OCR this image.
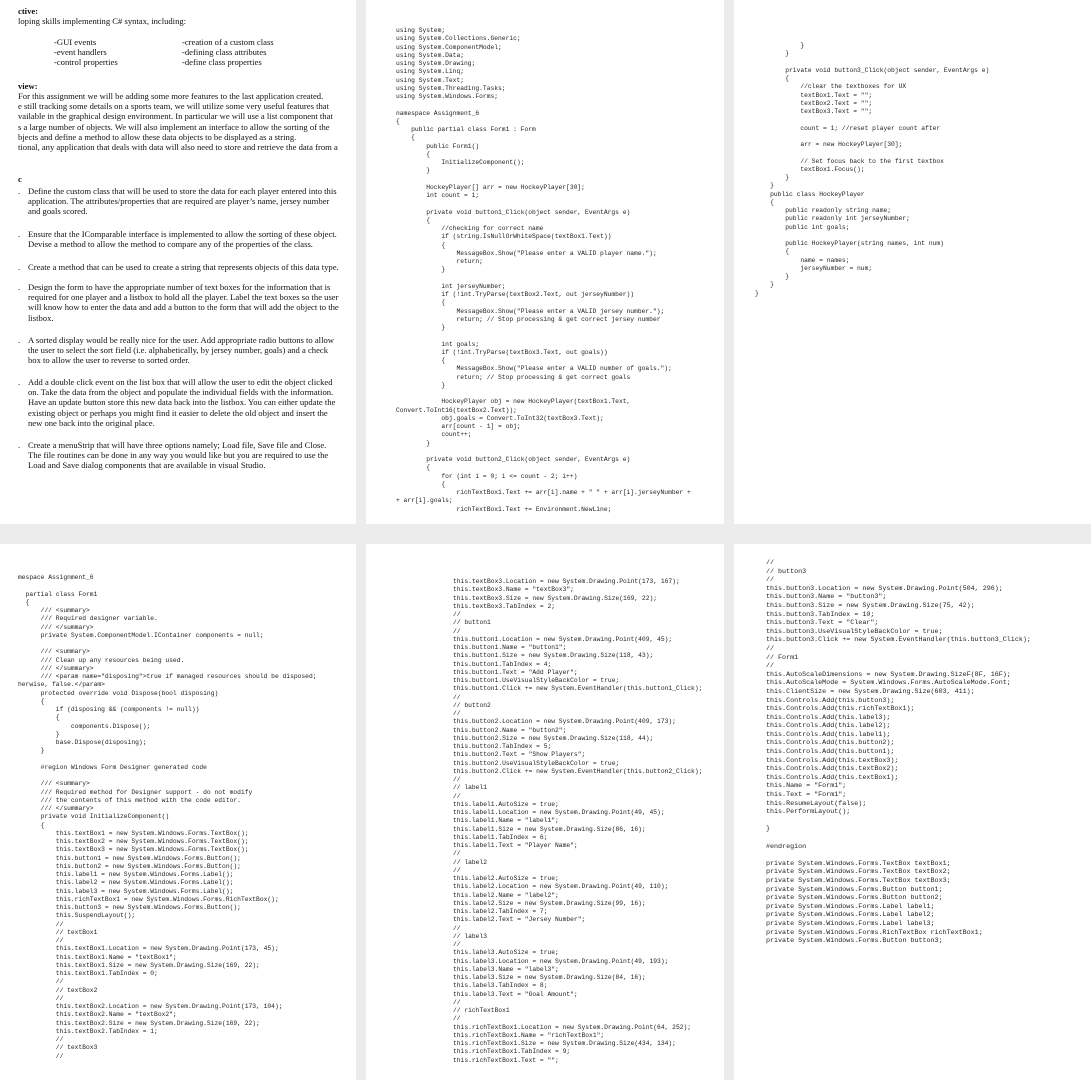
ctive:
loping skills implementing C# syntax, including:
-GUI events
-event handlers
-control properties
-creation of a custom class
-defining class attributes
-define class properties
view:
For this assignment we will be adding some more features to the last application created.
e still tracking some details on a sports team, we will utilize some very useful features that
vailable in the graphical design environment. In particular we will use a list component that
s a large number of objects. We will also implement an interface to allow the sorting of the
bjects and define a method to allow these data objects to be displayed as a string.
tional, any application that deals with data will also need to store and retrieve the data from a
c
. Define the custom class that will be used to store the data for each player entered into this
application. The attributes/properties that are required are player’s name, jersey number
and goals scored.
. Ensure that the IComparable interface is implemented to allow the sorting of these object.
Devise a method to allow the method to compare any of the properties of the class.
. Create a method that can be used to create a string that represents objects of this data type.
. Design the form to have the appropriate number of text boxes for the information that is
required for one player and a listbox to hold all the player. Label the text boxes so the user
will know how to enter the data and add a button to the form that will add the object to the
listbox.
. A sorted display would be really nice for the user. Add appropriate radio buttons to allow
the user to select the sort field (i.e. alphabetically, by jersey number, goals) and a check
box to allow the user to reverse to sorted order.
. Add a double click event on the list box that will allow the user to edit the object clicked
on. Take the data from the object and populate the individual fields with the information.
Have an update button store this new data back into the listbox. You can either update the
existing object or perhaps you might find it easier to delete the old object and insert the
new one back into the original place.
. Create a menuStrip that will have three options namely; Load file, Save file and Close.
The file routines can be done in any way you would like but you are required to use the
Load and Save dialog components that are available in visual Studio.
using System;
using System.Collections.Generic;
using System.ComponentModel;
using System.Data;
using System.Drawing;
using System.Linq;
using System.Text;
using System.Threading.Tasks;
using System.Windows.Forms;

namespace Assignment_6
{
public partial class Form1 : Form
{
public Form1()
{
InitializeComponent();
}

HockeyPlayer[] arr = new HockeyPlayer[30];
int count = 1;

private void button1_Click(object sender, EventArgs e)
{
//checking for correct name
if (string.IsNullOrWhiteSpace(textBox1.Text))
{
MessageBox.Show("Please enter a VALID player name.");
return;
}

int jerseyNumber;
if (!int.TryParse(textBox2.Text, out jerseyNumber))
{
MessageBox.Show("Please enter a VALID jersey number.");
return; // Stop processing & get correct jersey number
}

int goals;
if (!int.TryParse(textBox3.Text, out goals))
{
MessageBox.Show("Please enter a VALID number of goals.");
return; // Stop processing & get correct goals
}

HockeyPlayer obj = new HockeyPlayer(textBox1.Text,
Convert.ToInt16(textBox2.Text));
obj.goals = Convert.ToInt32(textBox3.Text);
arr[count - 1] = obj;
count++;
}

private void button2_Click(object sender, EventArgs e)
{
for (int i = 0; i <= count - 2; i++)
{
richTextBox1.Text += arr[i].name + " " + arr[i].jerseyNumber +
+ arr[i].goals;
richTextBox1.Text += Environment.NewLine;
}
}

private void button3_Click(object sender, EventArgs e)
{
//clear the textboxes for UX
textBox1.Text = "";
textBox2.Text = "";
textBox3.Text = "";

count = 1; //reset player count after

arr = new HockeyPlayer[30];

// Set focus back to the first textbox
textBox1.Focus();
}
}
public class HockeyPlayer
{
public readonly string name;
public readonly int jerseyNumber;
public int goals;

public HockeyPlayer(string names, int num)
{
name = names;
jerseyNumber = num;
}
}
}
mespace Assignment_6

partial class Form1
{
/// <summary>
/// Required designer variable.
/// </summary>
private System.ComponentModel.IContainer components = null;

/// <summary>
/// Clean up any resources being used.
/// </summary>
/// <param name="disposing">true if managed resources should be disposed;
herwise, false.</param>
protected override void Dispose(bool disposing)
{
if (disposing && (components != null))
{
components.Dispose();
}
base.Dispose(disposing);
}

#region Windows Form Designer generated code

/// <summary>
/// Required method for Designer support - do not modify
/// the contents of this method with the code editor.
/// </summary>
private void InitializeComponent()
{
this.textBox1 = new System.Windows.Forms.TextBox();
this.textBox2 = new System.Windows.Forms.TextBox();
this.textBox3 = new System.Windows.Forms.TextBox();
this.button1 = new System.Windows.Forms.Button();
this.button2 = new System.Windows.Forms.Button();
this.label1 = new System.Windows.Forms.Label();
this.label2 = new System.Windows.Forms.Label();
this.label3 = new System.Windows.Forms.Label();
this.richTextBox1 = new System.Windows.Forms.RichTextBox();
this.button3 = new System.Windows.Forms.Button();
this.SuspendLayout();
//
// textBox1
//
this.textBox1.Location = new System.Drawing.Point(173, 45);
this.textBox1.Name = "textBox1";
this.textBox1.Size = new System.Drawing.Size(169, 22);
this.textBox1.TabIndex = 0;
//
// textBox2
//
this.textBox2.Location = new System.Drawing.Point(173, 104);
this.textBox2.Name = "textBox2";
this.textBox2.Size = new System.Drawing.Size(169, 22);
this.textBox2.TabIndex = 1;
//
// textBox3
//
this.textBox3.Location = new System.Drawing.Point(173, 167);
this.textBox3.Name = "textBox3";
this.textBox3.Size = new System.Drawing.Size(169, 22);
this.textBox3.TabIndex = 2;
//
// button1
//
this.button1.Location = new System.Drawing.Point(409, 45);
this.button1.Name = "button1";
this.button1.Size = new System.Drawing.Size(118, 43);
this.button1.TabIndex = 4;
this.button1.Text = "Add Player";
this.button1.UseVisualStyleBackColor = true;
this.button1.Click += new System.EventHandler(this.button1_Click);
//
// button2
//
this.button2.Location = new System.Drawing.Point(409, 173);
this.button2.Name = "button2";
this.button2.Size = new System.Drawing.Size(118, 44);
this.button2.TabIndex = 5;
this.button2.Text = "Show Players";
this.button2.UseVisualStyleBackColor = true;
this.button2.Click += new System.EventHandler(this.button2_Click);
//
// label1
//
this.label1.AutoSize = true;
this.label1.Location = new System.Drawing.Point(49, 45);
this.label1.Name = "label1";
this.label1.Size = new System.Drawing.Size(86, 16);
this.label1.TabIndex = 6;
this.label1.Text = "Player Name";
//
// label2
//
this.label2.AutoSize = true;
this.label2.Location = new System.Drawing.Point(49, 110);
this.label2.Name = "label2";
this.label2.Size = new System.Drawing.Size(99, 16);
this.label2.TabIndex = 7;
this.label2.Text = "Jersey Number";
//
// label3
//
this.label3.AutoSize = true;
this.label3.Location = new System.Drawing.Point(49, 193);
this.label3.Name = "label3";
this.label3.Size = new System.Drawing.Size(84, 16);
this.label3.TabIndex = 8;
this.label3.Text = "Goal Amount";
//
// richTextBox1
//
this.richTextBox1.Location = new System.Drawing.Point(64, 252);
this.richTextBox1.Name = "richTextBox1";
this.richTextBox1.Size = new System.Drawing.Size(434, 134);
this.richTextBox1.TabIndex = 9;
this.richTextBox1.Text = "";
//
// button3
//
this.button3.Location = new System.Drawing.Point(504, 296);
this.button3.Name = "button3";
this.button3.Size = new System.Drawing.Size(75, 42);
this.button3.TabIndex = 10;
this.button3.Text = "Clear";
this.button3.UseVisualStyleBackColor = true;
this.button3.Click += new System.EventHandler(this.button3_Click);
//
// Form1
//
this.AutoScaleDimensions = new System.Drawing.SizeF(8F, 16F);
this.AutoScaleMode = System.Windows.Forms.AutoScaleMode.Font;
this.ClientSize = new System.Drawing.Size(603, 411);
this.Controls.Add(this.button3);
this.Controls.Add(this.richTextBox1);
this.Controls.Add(this.label3);
this.Controls.Add(this.label2);
this.Controls.Add(this.label1);
this.Controls.Add(this.button2);
this.Controls.Add(this.button1);
this.Controls.Add(this.textBox3);
this.Controls.Add(this.textBox2);
this.Controls.Add(this.textBox1);
this.Name = "Form1";
this.Text = "Form1";
this.ResumeLayout(false);
this.PerformLayout();

}

#endregion

private System.Windows.Forms.TextBox textBox1;
private System.Windows.Forms.TextBox textBox2;
private System.Windows.Forms.TextBox textBox3;
private System.Windows.Forms.Button button1;
private System.Windows.Forms.Button button2;
private System.Windows.Forms.Label label1;
private System.Windows.Forms.Label label2;
private System.Windows.Forms.Label label3;
private System.Windows.Forms.RichTextBox richTextBox1;
private System.Windows.Forms.Button button3;
